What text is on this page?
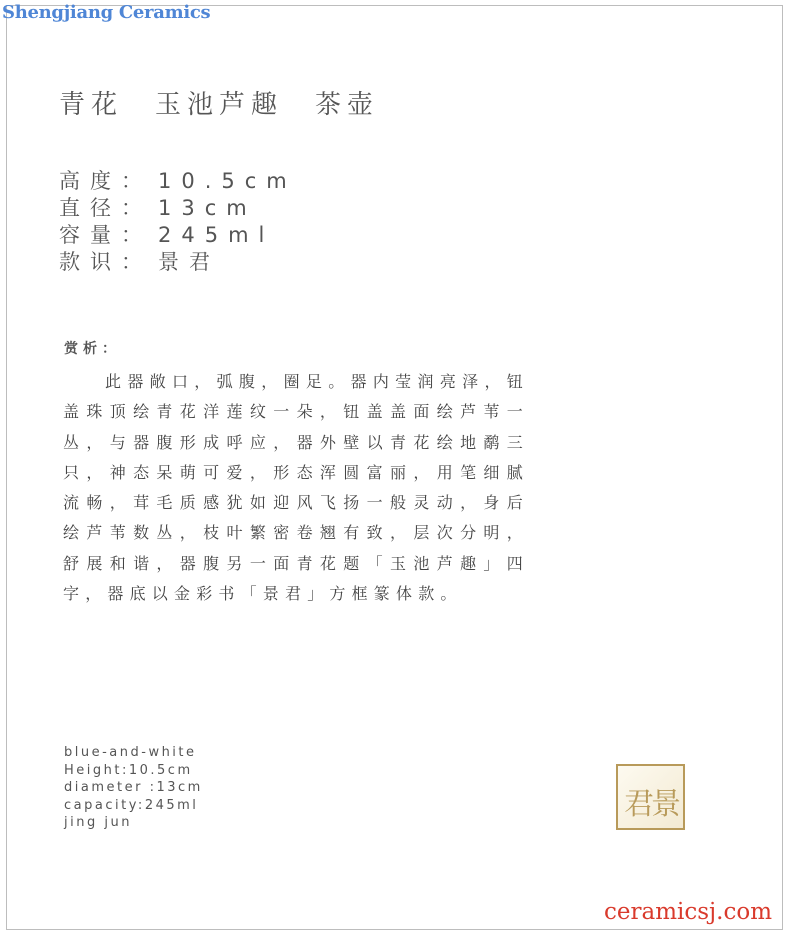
Shengjiang Ceramics
青花　玉池芦趣　茶壶
高度： 10.5cm
直径： 13cm
容量： 245ml
款识： 景君
赏析：
此器敞口，弧腹，圈足。器内莹润亮泽，钮盖珠顶绘青花洋莲纹一朵，钮盖盖面绘芦苇一丛，与器腹形成呼应，器外壁以青花绘地鹬三只，神态呆萌可爱，形态浑圆富丽，用笔细腻流畅，茸毛质感犹如迎风飞扬一般灵动，身后绘芦苇数丛，枝叶繁密卷翘有致，层次分明，舒展和谐，器腹另一面青花题「玉池芦趣」四字，器底以金彩书「景君」方框篆体款。
blue-and-white
Height:10.5cm
diameter :13cm
capacity:245ml
jing jun
君
景
ceramicsj.com
